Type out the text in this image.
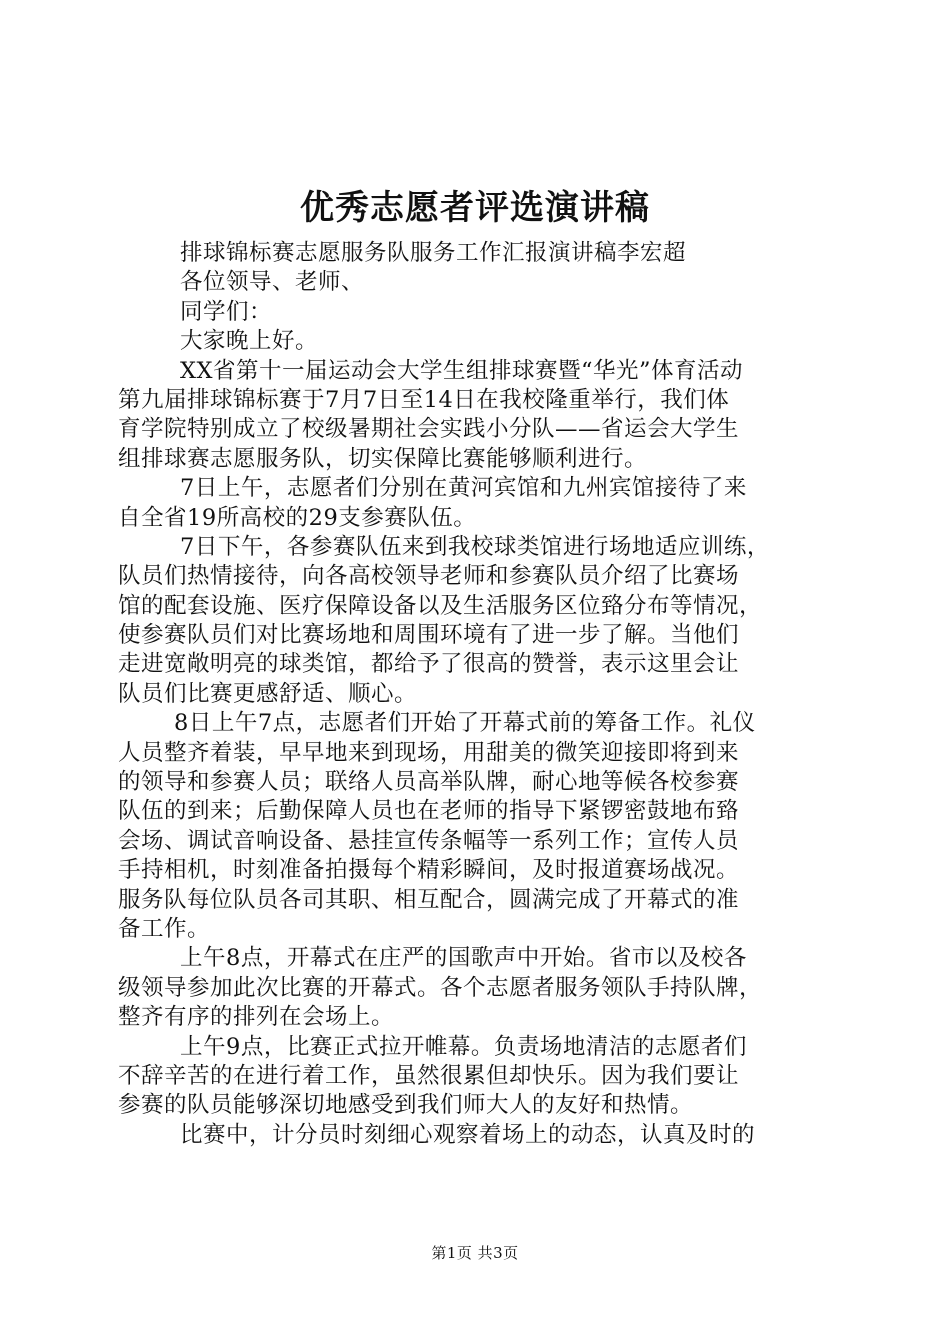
优秀志愿者评选演讲稿
排球锦标赛志愿服务队服务工作汇报演讲稿李宏超
各位领导、老师、
同学们：
大家晚上好。
XX省第十一届运动会大学生组排球赛暨“华光”体育活动
第九届排球锦标赛于7月7日至14日在我校隆重举行，我们体
育学院特别成立了校级暑期社会实践小分队——省运会大学生
组排球赛志愿服务队，切实保障比赛能够顺利进行。
7日上午，志愿者们分别在黄河宾馆和九州宾馆接待了来
自全省19所高校的29支参赛队伍。
7日下午，各参赛队伍来到我校球类馆进行场地适应训练，
队员们热情接待，向各高校领导老师和参赛队员介绍了比赛场
馆的配套设施、医疗保障设备以及生活服务区位臵分布等情况，
使参赛队员们对比赛场地和周围环境有了进一步了解。当他们
走进宽敞明亮的球类馆，都给予了很高的赞誉，表示这里会让
队员们比赛更感舒适、顺心。
8日上午7点，志愿者们开始了开幕式前的筹备工作。礼仪
人员整齐着装，早早地来到现场，用甜美的微笑迎接即将到来
的领导和参赛人员；联络人员高举队牌，耐心地等候各校参赛
队伍的到来；后勤保障人员也在老师的指导下紧锣密鼓地布臵
会场、调试音响设备、悬挂宣传条幅等一系列工作；宣传人员
手持相机，时刻准备拍摄每个精彩瞬间，及时报道赛场战况。
服务队每位队员各司其职、相互配合，圆满完成了开幕式的准
备工作。
上午8点，开幕式在庄严的国歌声中开始。省市以及校各
级领导参加此次比赛的开幕式。各个志愿者服务领队手持队牌，
整齐有序的排列在会场上。
上午9点，比赛正式拉开帷幕。负责场地清洁的志愿者们
不辞辛苦的在进行着工作，虽然很累但却快乐。因为我们要让
参赛的队员能够深切地感受到我们师大人的友好和热情。
比赛中，计分员时刻细心观察着场上的动态，认真及时的
第1页 共3页
